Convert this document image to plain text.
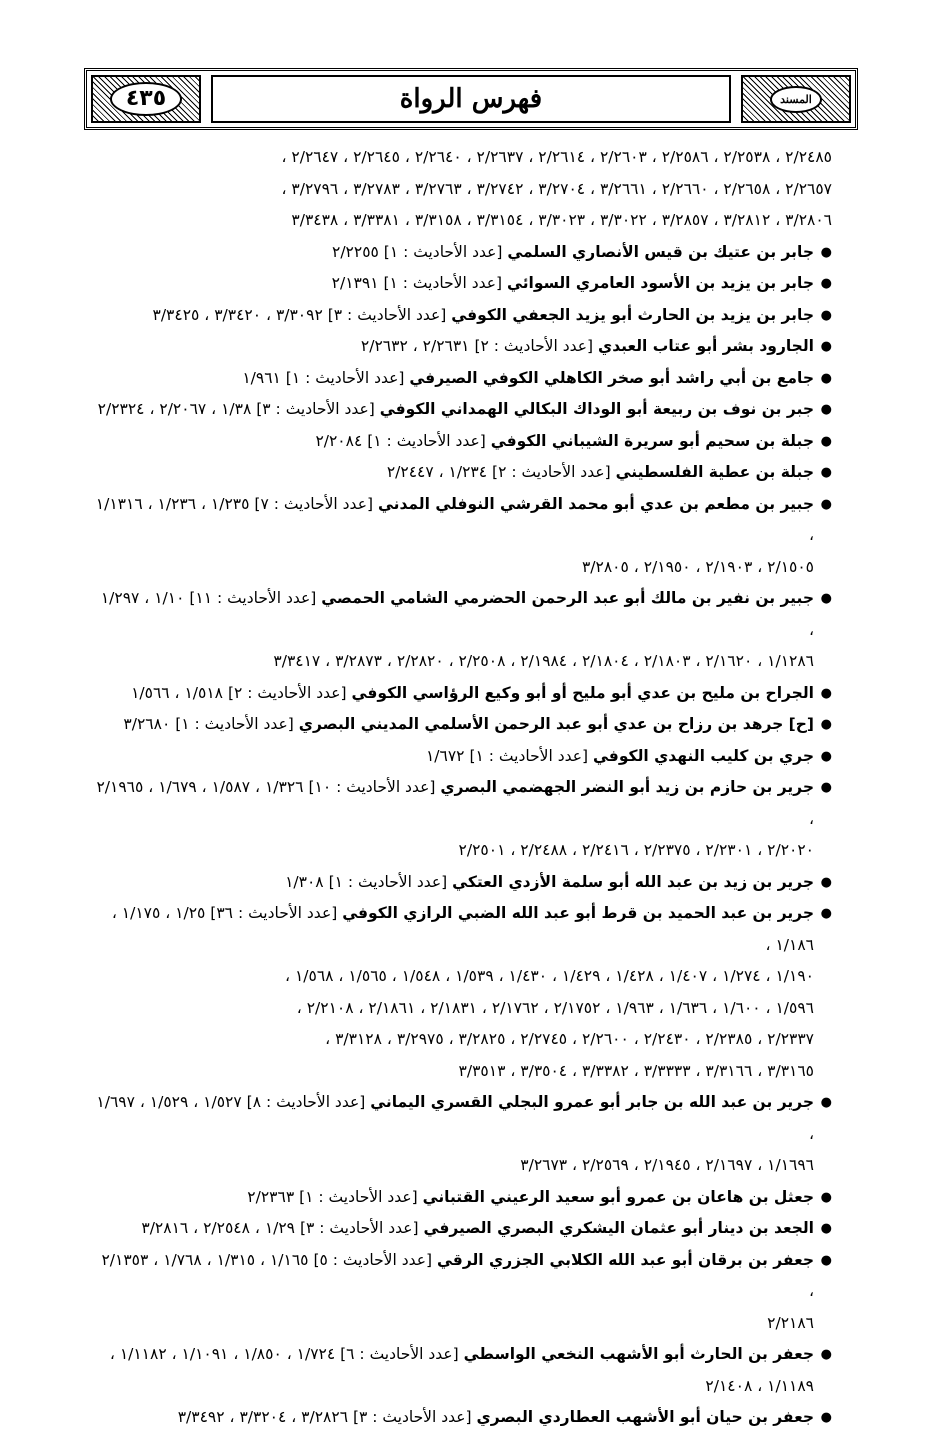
المسند
فهرس الرواة
٤٣٥
٢/٢٤٨٥ ، ٢/٢٥٣٨ ، ٢/٢٥٨٦ ، ٢/٢٦٠٣ ، ٢/٢٦١٤ ، ٢/٢٦٣٧ ، ٢/٢٦٤٠ ، ٢/٢٦٤٥ ، ٢/٢٦٤٧ ،
٢/٢٦٥٧ ، ٢/٢٦٥٨ ، ٢/٢٦٦٠ ، ٣/٢٦٦١ ، ٣/٢٧٠٤ ، ٣/٢٧٤٢ ، ٣/٢٧٦٣ ، ٣/٢٧٨٣ ، ٣/٢٧٩٦ ،
٣/٢٨٠٦ ، ٣/٢٨١٢ ، ٣/٢٨٥٧ ، ٣/٣٠٢٢ ، ٣/٣٠٢٣ ، ٣/٣١٥٤ ، ٣/٣١٥٨ ، ٣/٣٣٨١ ، ٣/٣٤٣٨
●
جابر بن عتيك بن قيس الأنصاري السلمي [عدد الأحاديث : ١] ٢/٢٢٥٥
●
جابر بن يزيد بن الأسود العامري السوائي [عدد الأحاديث : ١] ٢/١٣٩١
●
جابر بن يزيد بن الحارث أبو يزيد الجعفي الكوفي [عدد الأحاديث : ٣] ٣/٣٠٩٢ ، ٣/٣٤٢٠ ، ٣/٣٤٢٥
●
الجارود بشر أبو عتاب العبدي [عدد الأحاديث : ٢] ٢/٢٦٣١ ، ٢/٢٦٣٢
●
جامع بن أبي راشد أبو صخر الكاهلي الكوفي الصيرفي [عدد الأحاديث : ١] ١/٩٦١
●
جبر بن نوف بن ربيعة أبو الوداك البكالي الهمداني الكوفي [عدد الأحاديث : ٣] ١/٣٨ ، ٢/٢٠٦٧ ، ٢/٢٣٢٤
●
جبلة بن سحيم أبو سريرة الشيباني الكوفي [عدد الأحاديث : ١] ٢/٢٠٨٤
●
جبلة بن عطية الفلسطيني [عدد الأحاديث : ٢] ١/٢٣٤ ، ٢/٢٤٤٧
●
جبير بن مطعم بن عدي أبو محمد القرشي النوفلي المدني [عدد الأحاديث : ٧] ١/٢٣٥ ، ١/٢٣٦ ، ١/١٣١٦ ،
٢/١٥٠٥ ، ٢/١٩٠٣ ، ٢/١٩٥٠ ، ٣/٢٨٠٥
●
جبير بن نفير بن مالك أبو عبد الرحمن الحضرمي الشامي الحمصي [عدد الأحاديث : ١١] ١/١٠ ، ١/٢٩٧ ،
١/١٢٨٦ ، ٢/١٦٢٠ ، ٢/١٨٠٣ ، ٢/١٨٠٤ ، ٢/١٩٨٤ ، ٢/٢٥٠٨ ، ٢/٢٨٢٠ ، ٣/٢٨٧٣ ، ٣/٣٤١٧
●
الجراح بن مليح بن عدي أبو مليح أو أبو وكيع الرؤاسي الكوفي [عدد الأحاديث : ٢] ١/٥١٨ ، ١/٥٦٦
●
[ح] جرهد بن رزاح بن عدي أبو عبد الرحمن الأسلمي المديني البصري [عدد الأحاديث : ١] ٣/٢٦٨٠
●
جري بن كليب النهدي الكوفي [عدد الأحاديث : ١] ١/٦٧٢
●
جرير بن حازم بن زيد أبو النضر الجهضمي البصري [عدد الأحاديث : ١٠] ١/٣٢٦ ، ١/٥٨٧ ، ١/٦٧٩ ، ٢/١٩٦٥ ،
٢/٢٠٢٠ ، ٢/٢٣٠١ ، ٢/٢٣٧٥ ، ٢/٢٤١٦ ، ٢/٢٤٨٨ ، ٢/٢٥٠١
●
جرير بن زيد بن عبد الله أبو سلمة الأزدي العتكي [عدد الأحاديث : ١] ١/٣٠٨
●
جرير بن عبد الحميد بن قرط أبو عبد الله الضبي الرازي الكوفي [عدد الأحاديث : ٣٦] ١/٢٥ ، ١/١٧٥ ، ١/١٨٦ ،
١/١٩٠ ، ١/٢٧٤ ، ١/٤٠٧ ، ١/٤٢٨ ، ١/٤٢٩ ، ١/٤٣٠ ، ١/٥٣٩ ، ١/٥٤٨ ، ١/٥٦٥ ، ١/٥٦٨ ،
١/٥٩٦ ، ١/٦٠٠ ، ١/٦٣٦ ، ١/٩٦٣ ، ٢/١٧٥٢ ، ٢/١٧٦٢ ، ٢/١٨٣١ ، ٢/١٨٦١ ، ٢/٢١٠٨ ،
٢/٢٣٣٧ ، ٢/٢٣٨٥ ، ٢/٢٤٣٠ ، ٢/٢٦٠٠ ، ٢/٢٧٤٥ ، ٣/٢٨٢٥ ، ٣/٢٩٧٥ ، ٣/٣١٢٨ ،
٣/٣١٦٥ ، ٣/٣١٦٦ ، ٣/٣٣٣٣ ، ٣/٣٣٨٢ ، ٣/٣٥٠٤ ، ٣/٣٥١٣
●
جرير بن عبد الله بن جابر أبو عمرو البجلي القسري اليماني [عدد الأحاديث : ٨] ١/٥٢٧ ، ١/٥٢٩ ، ١/٦٩٧ ،
١/١٦٩٦ ، ٢/١٦٩٧ ، ٢/١٩٤٥ ، ٢/٢٥٦٩ ، ٣/٢٦٧٣
●
جعثل بن هاعان بن عمرو أبو سعيد الرعيني القتباني [عدد الأحاديث : ١] ٢/٢٣٦٣
●
الجعد بن دينار أبو عثمان اليشكري البصري الصيرفي [عدد الأحاديث : ٣] ١/٢٩ ، ٢/٢٥٤٨ ، ٣/٢٨١٦
●
جعفر بن برقان أبو عبد الله الكلابي الجزري الرقي [عدد الأحاديث : ٥] ١/١٦٥ ، ١/٣١٥ ، ١/٧٦٨ ، ٢/١٣٥٣ ،
٢/٢١٨٦
●
جعفر بن الحارث أبو الأشهب النخعي الواسطي [عدد الأحاديث : ٦] ١/٧٢٤ ، ١/٨٥٠ ، ١/١٠٩١ ، ١/١١٨٢ ،
١/١١٨٩ ، ٢/١٤٠٨
●
جعفر بن حيان أبو الأشهب العطاردي البصري [عدد الأحاديث : ٣] ٣/٢٨٢٦ ، ٣/٣٢٠٤ ، ٣/٣٤٩٢
